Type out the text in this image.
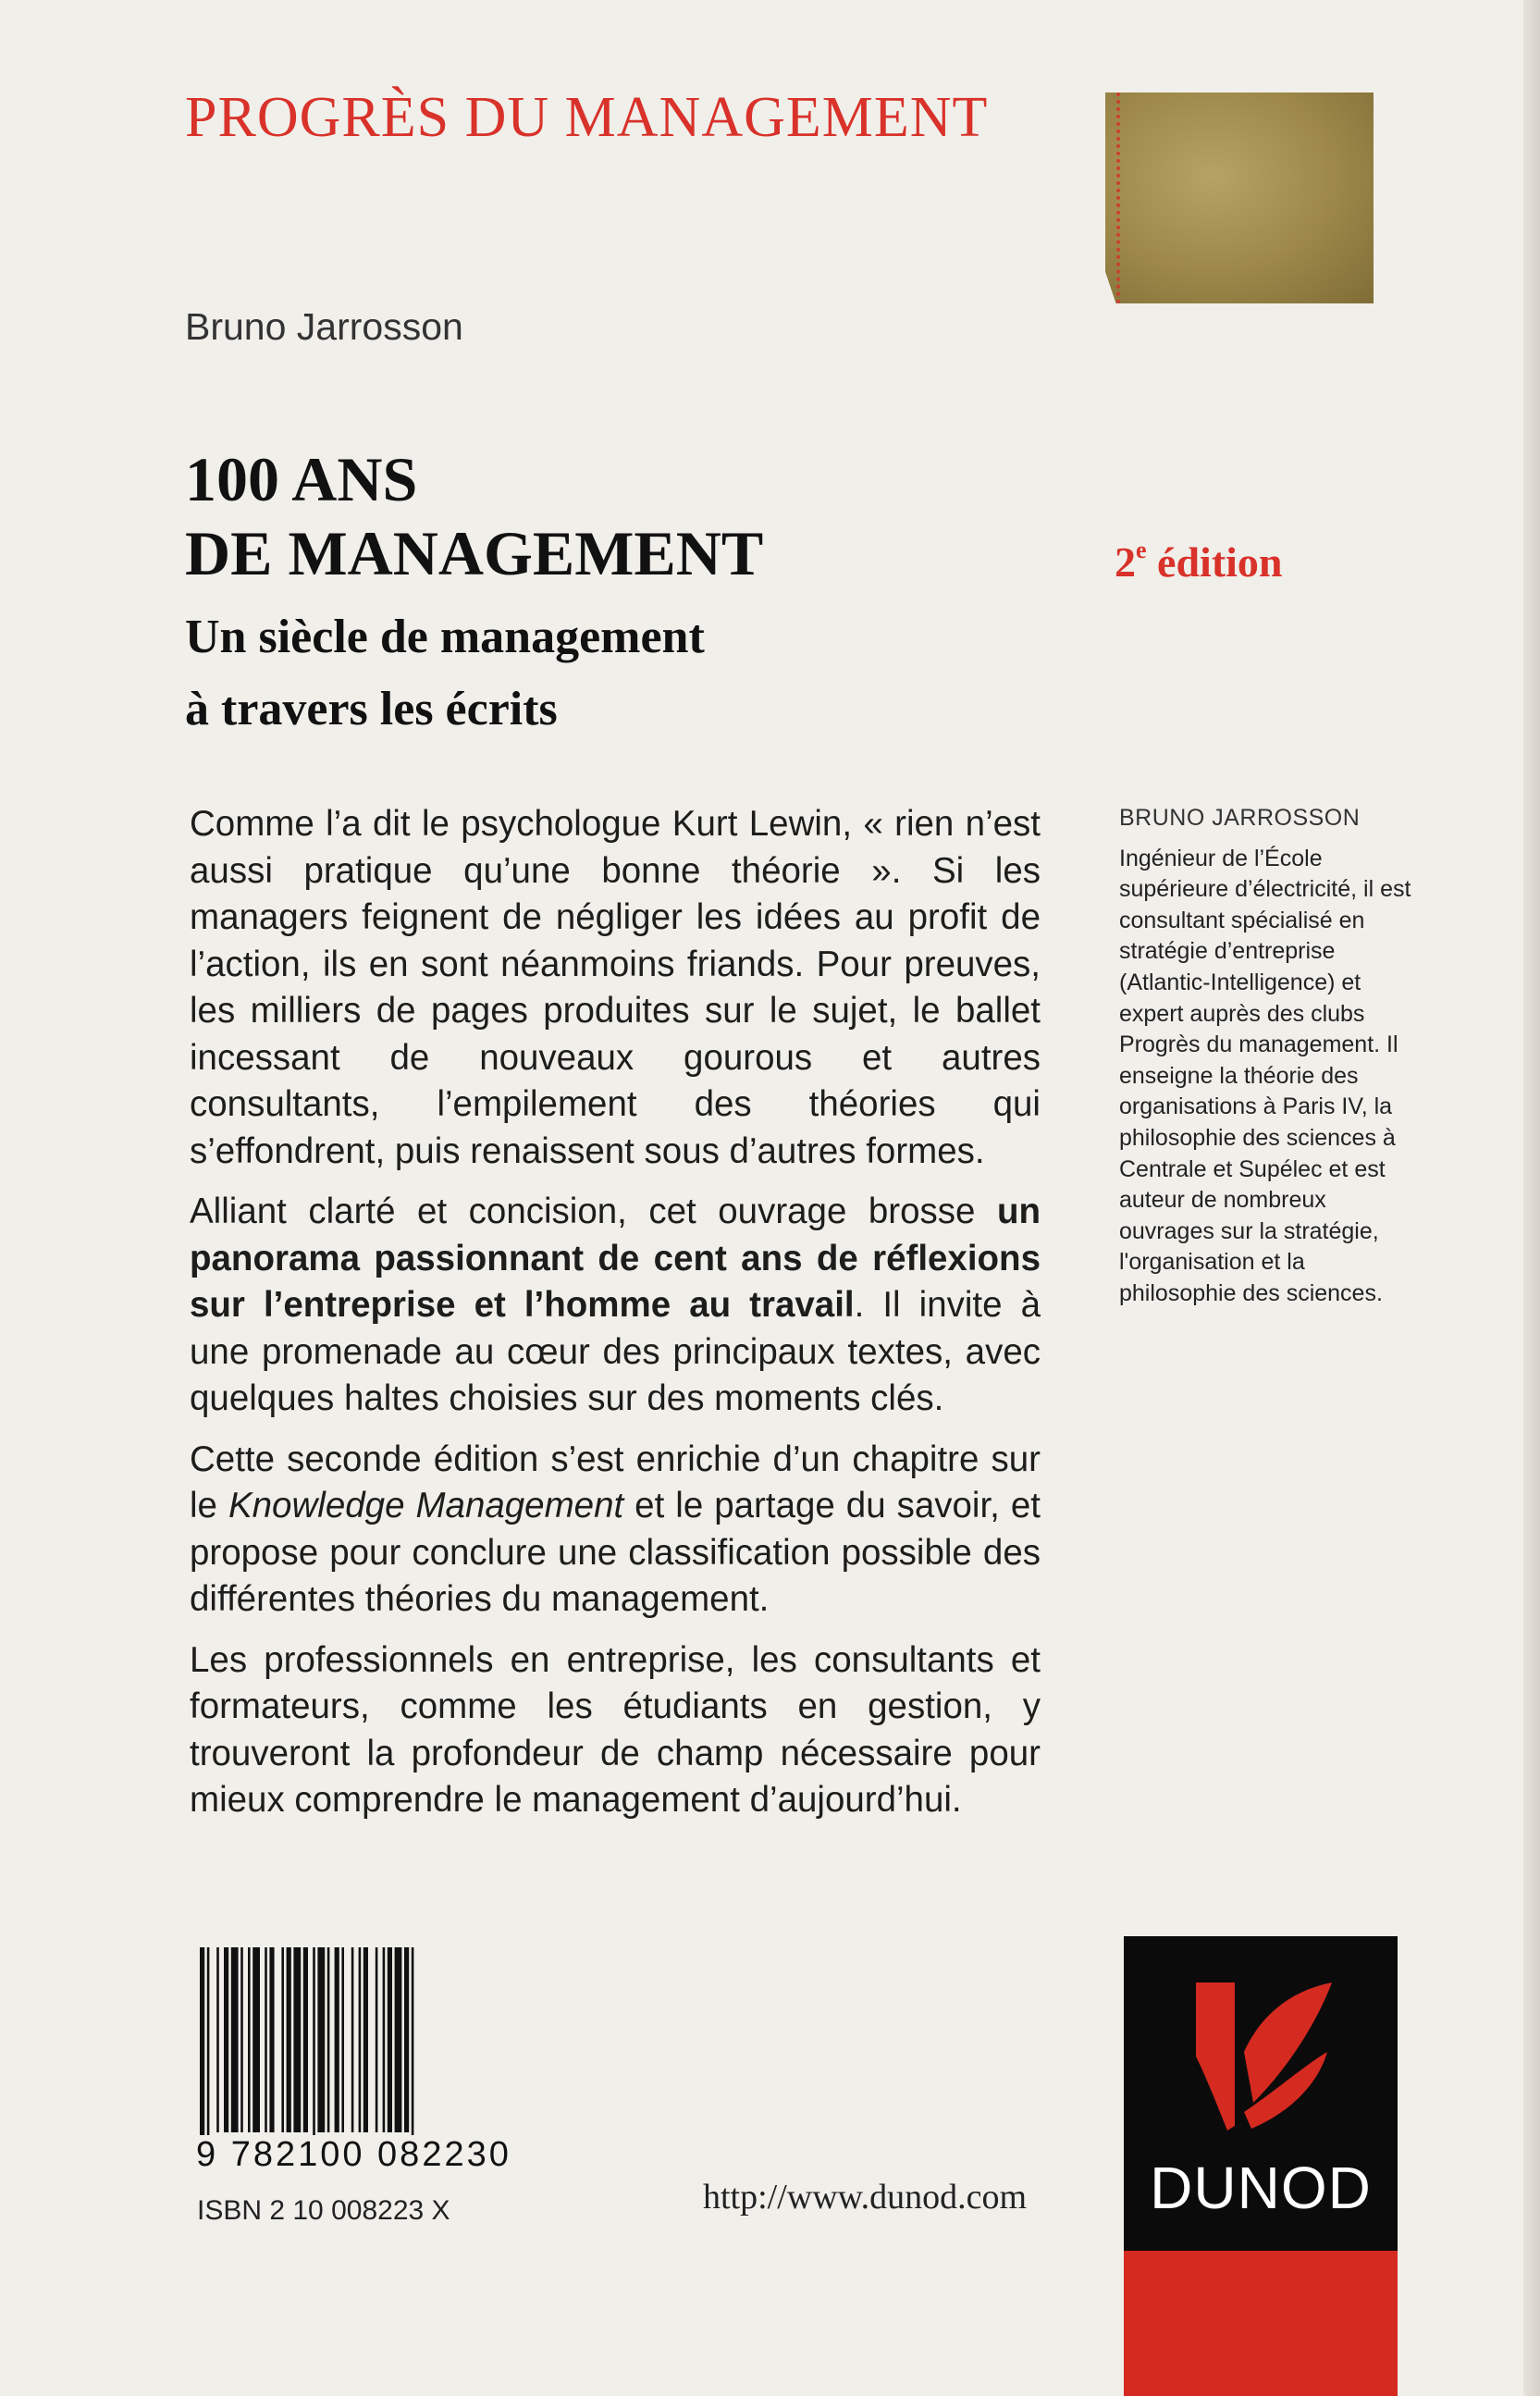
PROGRÈS DU MANAGEMENT
Bruno Jarrosson
100 ANS
DE MANAGEMENT
Un siècle de management
à travers les écrits
2e édition

Comme l’a dit le psychologue Kurt Lewin, « rien n’est aussi pratique qu’une bonne théorie ». Si les managers feignent de négliger les idées au profit de l’action, ils en sont néanmoins friands. Pour preuves, les milliers de pages produites sur le sujet, le ballet incessant de nouveaux gourous et autres consultants, l’empilement des théories qui s’effondrent, puis renaissent sous d’autres formes.

Alliant clarté et concision, cet ouvrage brosse un panorama passionnant de cent ans de réflexions sur l’entreprise et l’homme au travail. Il invite à une promenade au cœur des principaux textes, avec quelques haltes choisies sur des moments clés.

Cette seconde édition s’est enrichie d’un chapitre sur le Knowledge Management et le partage du savoir, et propose pour conclure une classification possible des différentes théories du management.

Les professionnels en entreprise, les consultants et formateurs, comme les étudiants en gestion, y trouveront la profondeur de champ nécessaire pour mieux comprendre le management d’aujourd’hui.

BRUNO JARROSSON
Ingénieur de l’École supérieure d’électricité, il est consultant spécialisé en stratégie d’entreprise (Atlantic-Intelligence) et expert auprès des clubs Progrès du management. Il enseigne la théorie des organisations à Paris IV, la philosophie des sciences à Centrale et Supélec et est auteur de nombreux ouvrages sur la stratégie, l'organisation et la philosophie des sciences.
9 782100 082230
ISBN 2 10 008223 X	http://www.dunod.com	DUNOD
